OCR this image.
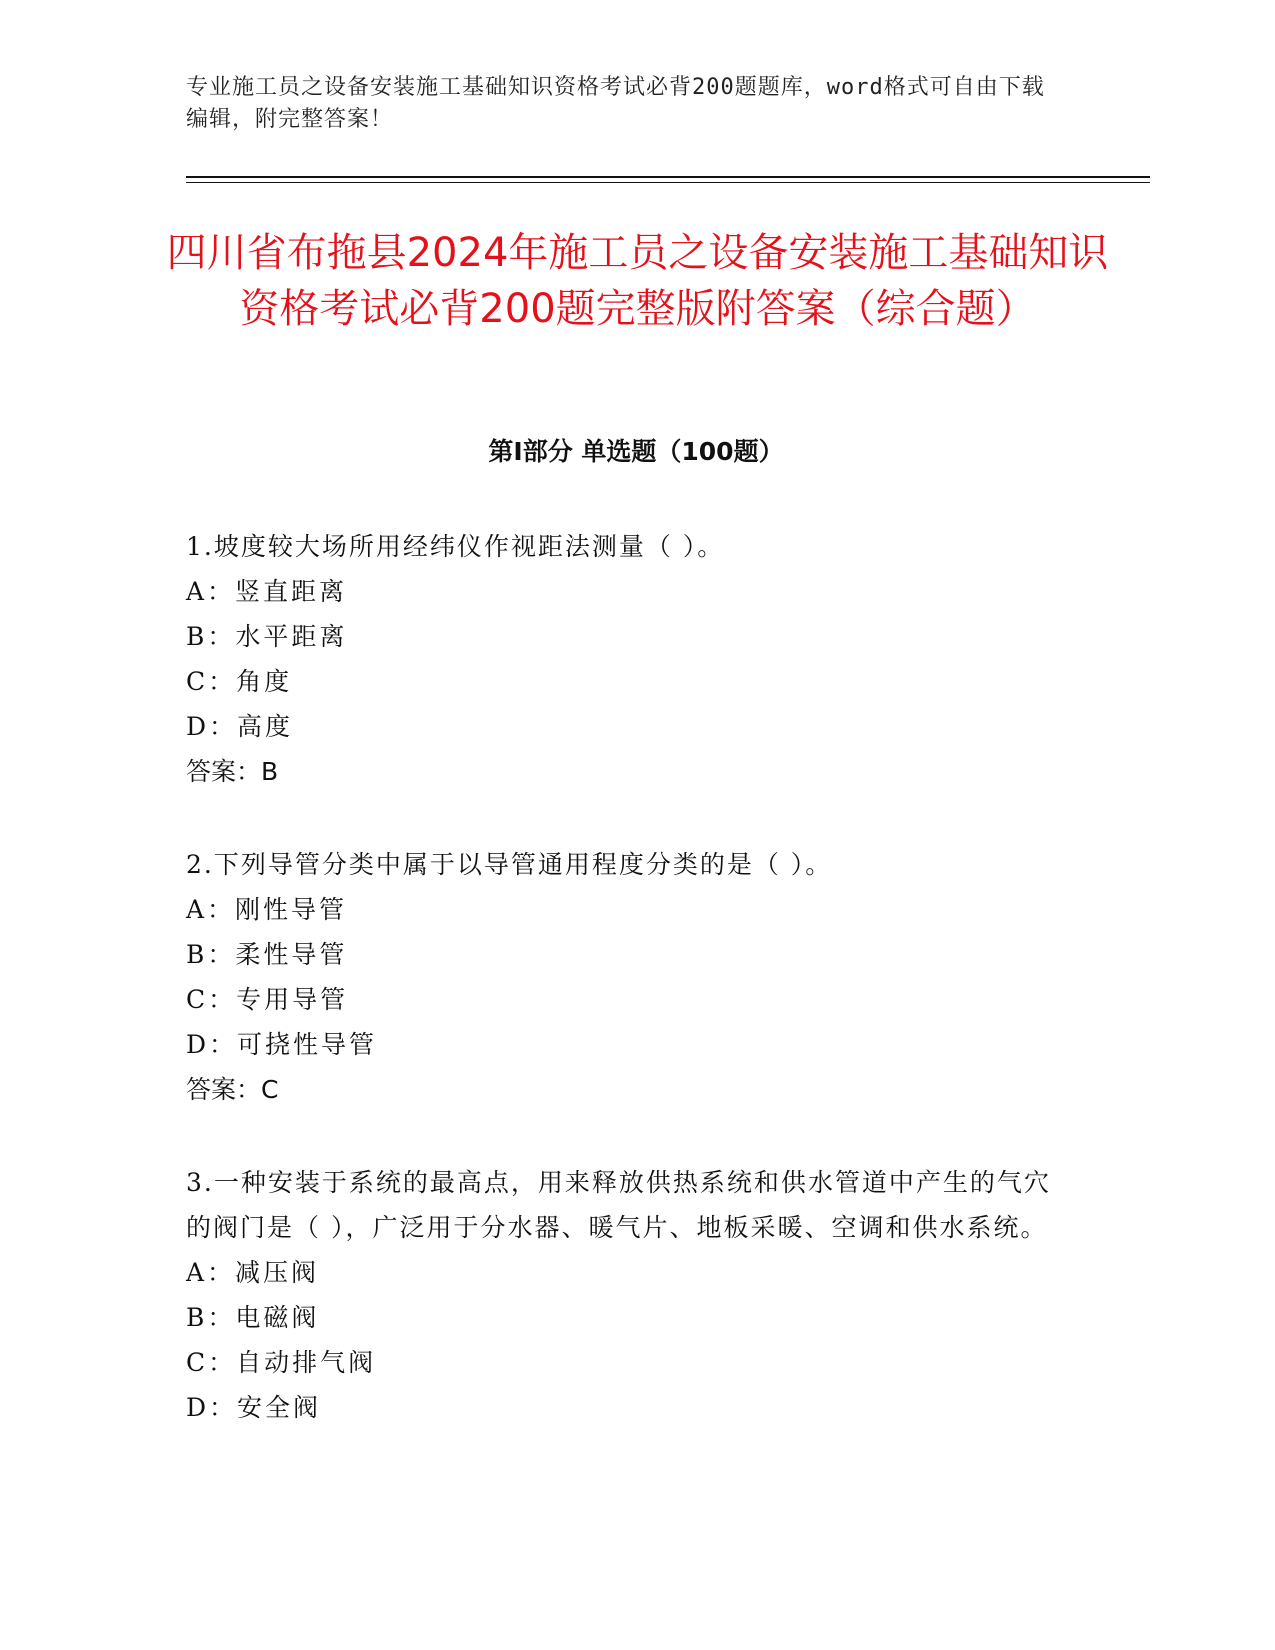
专业施工员之设备安装施工基础知识资格考试必背200题题库，word格式可自由下载编辑，附完整答案！
四川省布拖县2024年施工员之设备安装施工基础知识资格考试必背200题完整版附答案（综合题）
第Ⅰ部分 单选题（100题）

1.坡度较大场所用经纬仪作视距法测量（ ）。

A：竖直距离

B：水平距离

C：角度

D：高度

答案：B

2.下列导管分类中属于以导管通用程度分类的是（ ）。

A：刚性导管

B：柔性导管

C：专用导管

D：可挠性导管

答案：C

3.一种安装于系统的最高点，用来释放供热系统和供水管道中产生的气穴的阀门是（ ），广泛用于分水器、暖气片、地板采暖、空调和供水系统。

A：减压阀

B：电磁阀

C：自动排气阀

D：安全阀
